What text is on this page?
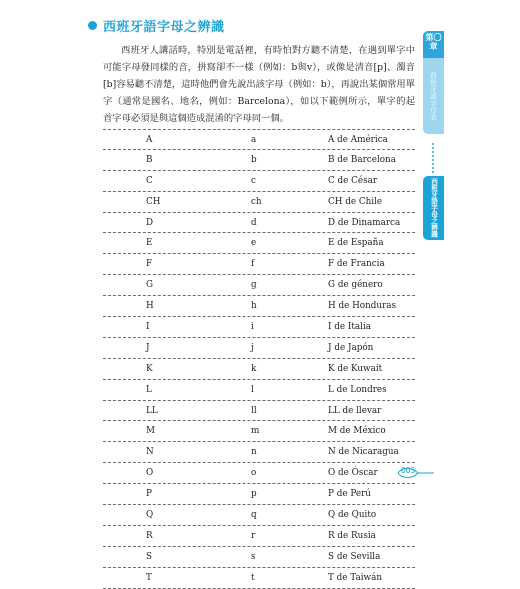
西班牙語字母之辨識

西班牙人講話時，特別是電話裡，有時怕對方聽不清楚，在遇到單字中可能字母發同樣的音，拼寫卻不一樣（例如：b與v），或像是清音[p]、濁音[b]容易聽不清楚，這時他們會先說出該字母（例如：b），再說出某個常用單字（通常是國名、地名，例如：Barcelona），如以下範例所示，單字的起首字母必須是與這個造成混淆的字母同一個。

A	a	A de América
B	b	B de Barcelona
C	c	C de César
CH	ch	CH de Chile
D	d	D de Dinamarca
E	e	E de España
F	f	F de Francia
G	g	G de género
H	h	H de Honduras
I	i	I de Italia
J	j	J de Japón
K	k	K de Kuwait
L	l	L de Londres
LL	ll	LL de llevar
M	m	M de México
N	n	N de Nicaragua
O	o	O de Óscar
P	p	P de Perú
Q	q	Q de Quito
R	r	R de Rusia
S	s	S de Sevilla
T	t	T de Taiwán
第〇章
西班牙語字母表
西班牙語字母之辨識
003
